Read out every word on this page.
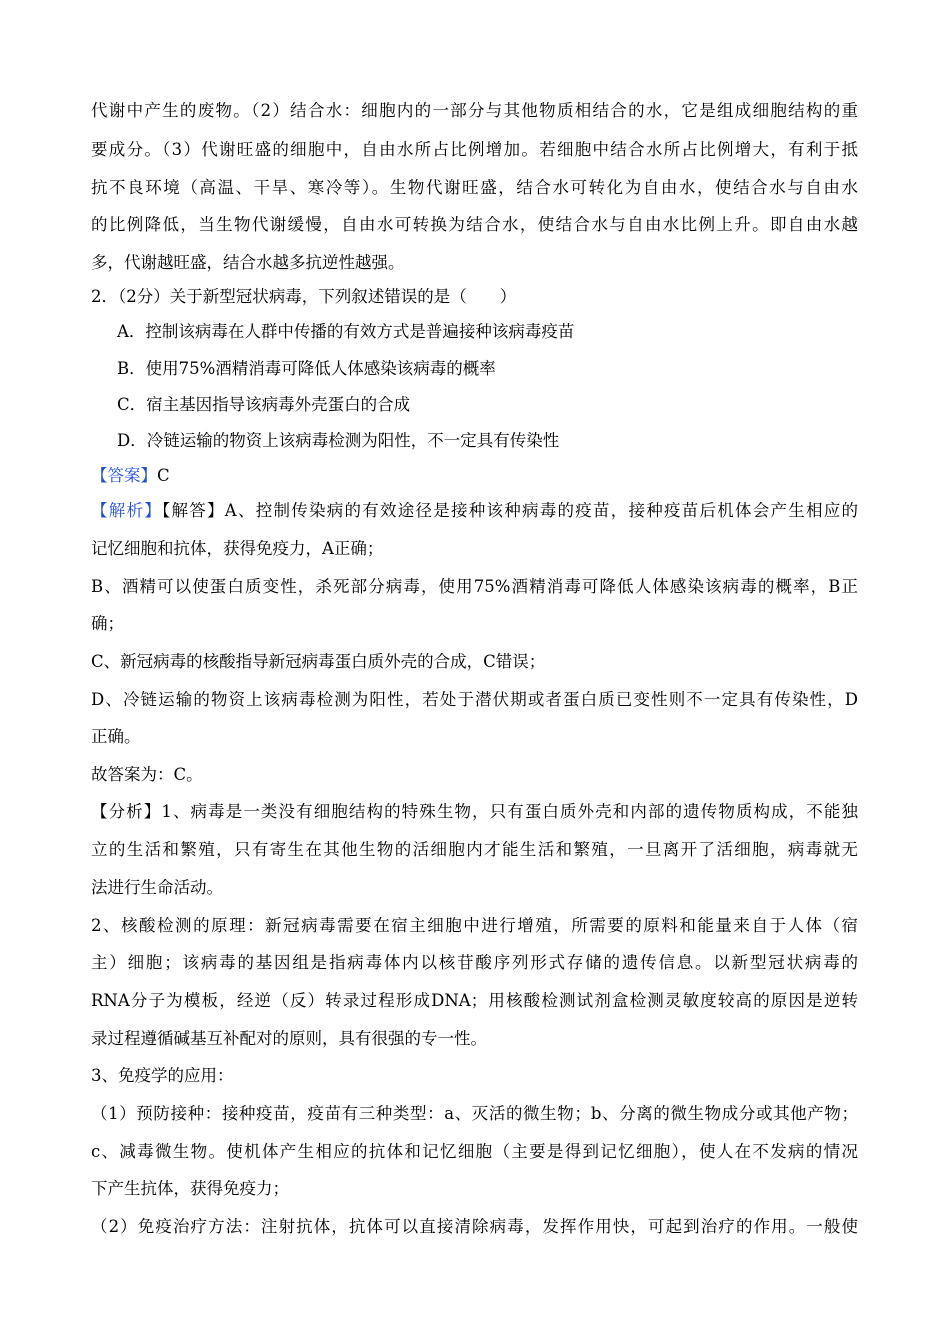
代谢中产生的废物。（2）结合水：细胞内的一部分与其他物质相结合的水，它是组成细胞结构的重
要成分。（3）代谢旺盛的细胞中，自由水所占比例增加。若细胞中结合水所占比例增大，有利于抵
抗不良环境（高温、干旱、寒冷等）。生物代谢旺盛，结合水可转化为自由水，使结合水与自由水
的比例降低，当生物代谢缓慢，自由水可转换为结合水，使结合水与自由水比例上升。即自由水越
多，代谢越旺盛，结合水越多抗逆性越强。
2．（2分）关于新型冠状病毒，下列叙述错误的是（　　）
A．控制该病毒在人群中传播的有效方式是普遍接种该病毒疫苗
B．使用75%酒精消毒可降低人体感染该病毒的概率
C．宿主基因指导该病毒外壳蛋白的合成
D．冷链运输的物资上该病毒检测为阳性，不一定具有传染性
【答案】C
【解析】【解答】A、控制传染病的有效途径是接种该种病毒的疫苗，接种疫苗后机体会产生相应的
记忆细胞和抗体，获得免疫力，A正确；
B、酒精可以使蛋白质变性，杀死部分病毒，使用75%酒精消毒可降低人体感染该病毒的概率，B正
确；
C、新冠病毒的核酸指导新冠病毒蛋白质外壳的合成，C错误；
D、冷链运输的物资上该病毒检测为阳性，若处于潜伏期或者蛋白质已变性则不一定具有传染性，D
正确。
故答案为：C。
【分析】1、病毒是一类没有细胞结构的特殊生物，只有蛋白质外壳和内部的遗传物质构成，不能独
立的生活和繁殖，只有寄生在其他生物的活细胞内才能生活和繁殖，一旦离开了活细胞，病毒就无
法进行生命活动。
2、核酸检测的原理：新冠病毒需要在宿主细胞中进行增殖，所需要的原料和能量来自于人体（宿
主）细胞；该病毒的基因组是指病毒体内以核苷酸序列形式存储的遗传信息。以新型冠状病毒的
RNA分子为模板，经逆（反）转录过程形成DNA；用核酸检测试剂盒检测灵敏度较高的原因是逆转
录过程遵循碱基互补配对的原则，具有很强的专一性。
3、免疫学的应用：
（1）预防接种：接种疫苗，疫苗有三种类型：a、灭活的微生物；b、分离的微生物成分或其他产物；
c、减毒微生物。使机体产生相应的抗体和记忆细胞（主要是得到记忆细胞），使人在不发病的情况
下产生抗体，获得免疫力；
（2）免疫治疗方法：注射抗体，抗体可以直接清除病毒，发挥作用快，可起到治疗的作用。一般使
